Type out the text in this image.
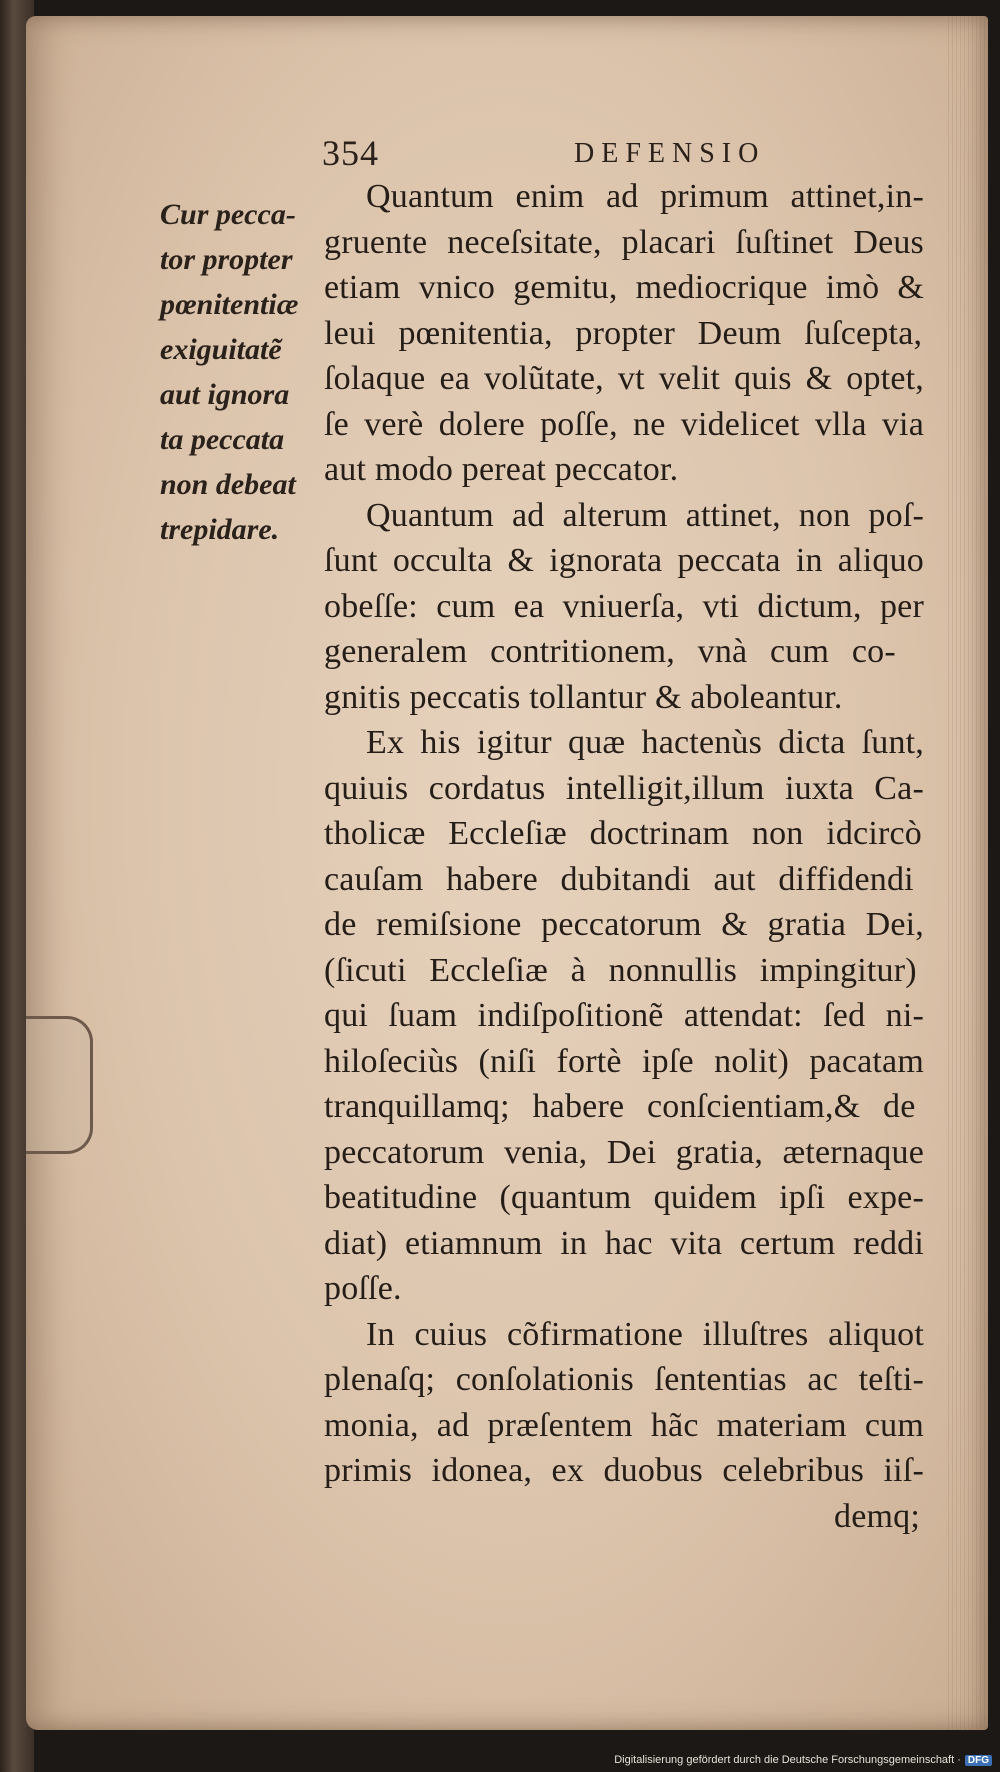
354	DEFENSIO
Cur pecca-
tor propter
pœnitentiæ
exiguitatẽ
aut ignora
ta peccata
non debeat
trepidare.
Quantum enim ad primum attinet,in-
gruente neceſsitate, placari ſuſtinet Deus
etiam vnico gemitu, mediocrique imò &
leui pœnitentia, propter Deum ſuſcepta,
ſolaque ea volũtate, vt velit quis & optet,
ſe verè dolere poſſe, ne videlicet vlla via
aut modo pereat peccator.
Quantum ad alterum attinet, non poſ-
ſunt occulta & ignorata peccata in aliquo
obeſſe: cum ea vniuerſa, vti dictum, per
generalem contritionem, vnà cum co-
gnitis peccatis tollantur & aboleantur.
Ex his igitur quæ hactenùs dicta ſunt,
quiuis cordatus intelligit,illum iuxta Ca-
tholicæ Eccleſiæ doctrinam non idcircò
cauſam habere dubitandi aut diffidendi
de remiſsione peccatorum & gratia Dei,
(ſicuti Eccleſiæ à nonnullis impingitur)
qui ſuam indiſpoſitionẽ attendat: ſed ni-
hiloſeciùs (niſi fortè ipſe nolit) pacatam
tranquillamq; habere conſcientiam,& de
peccatorum venia, Dei gratia, æternaque
beatitudine (quantum quidem ipſi expe-
diat) etiamnum in hac vita certum reddi
poſſe.
In cuius cõfirmatione illuſtres aliquot
plenaſq; conſolationis ſententias ac teſti-
monia, ad præſentem hãc materiam cum
primis idonea, ex duobus celebribus iiſ-
demq;
Digitalisierung gefördert durch die Deutsche Forschungsgemeinschaft · DFG
